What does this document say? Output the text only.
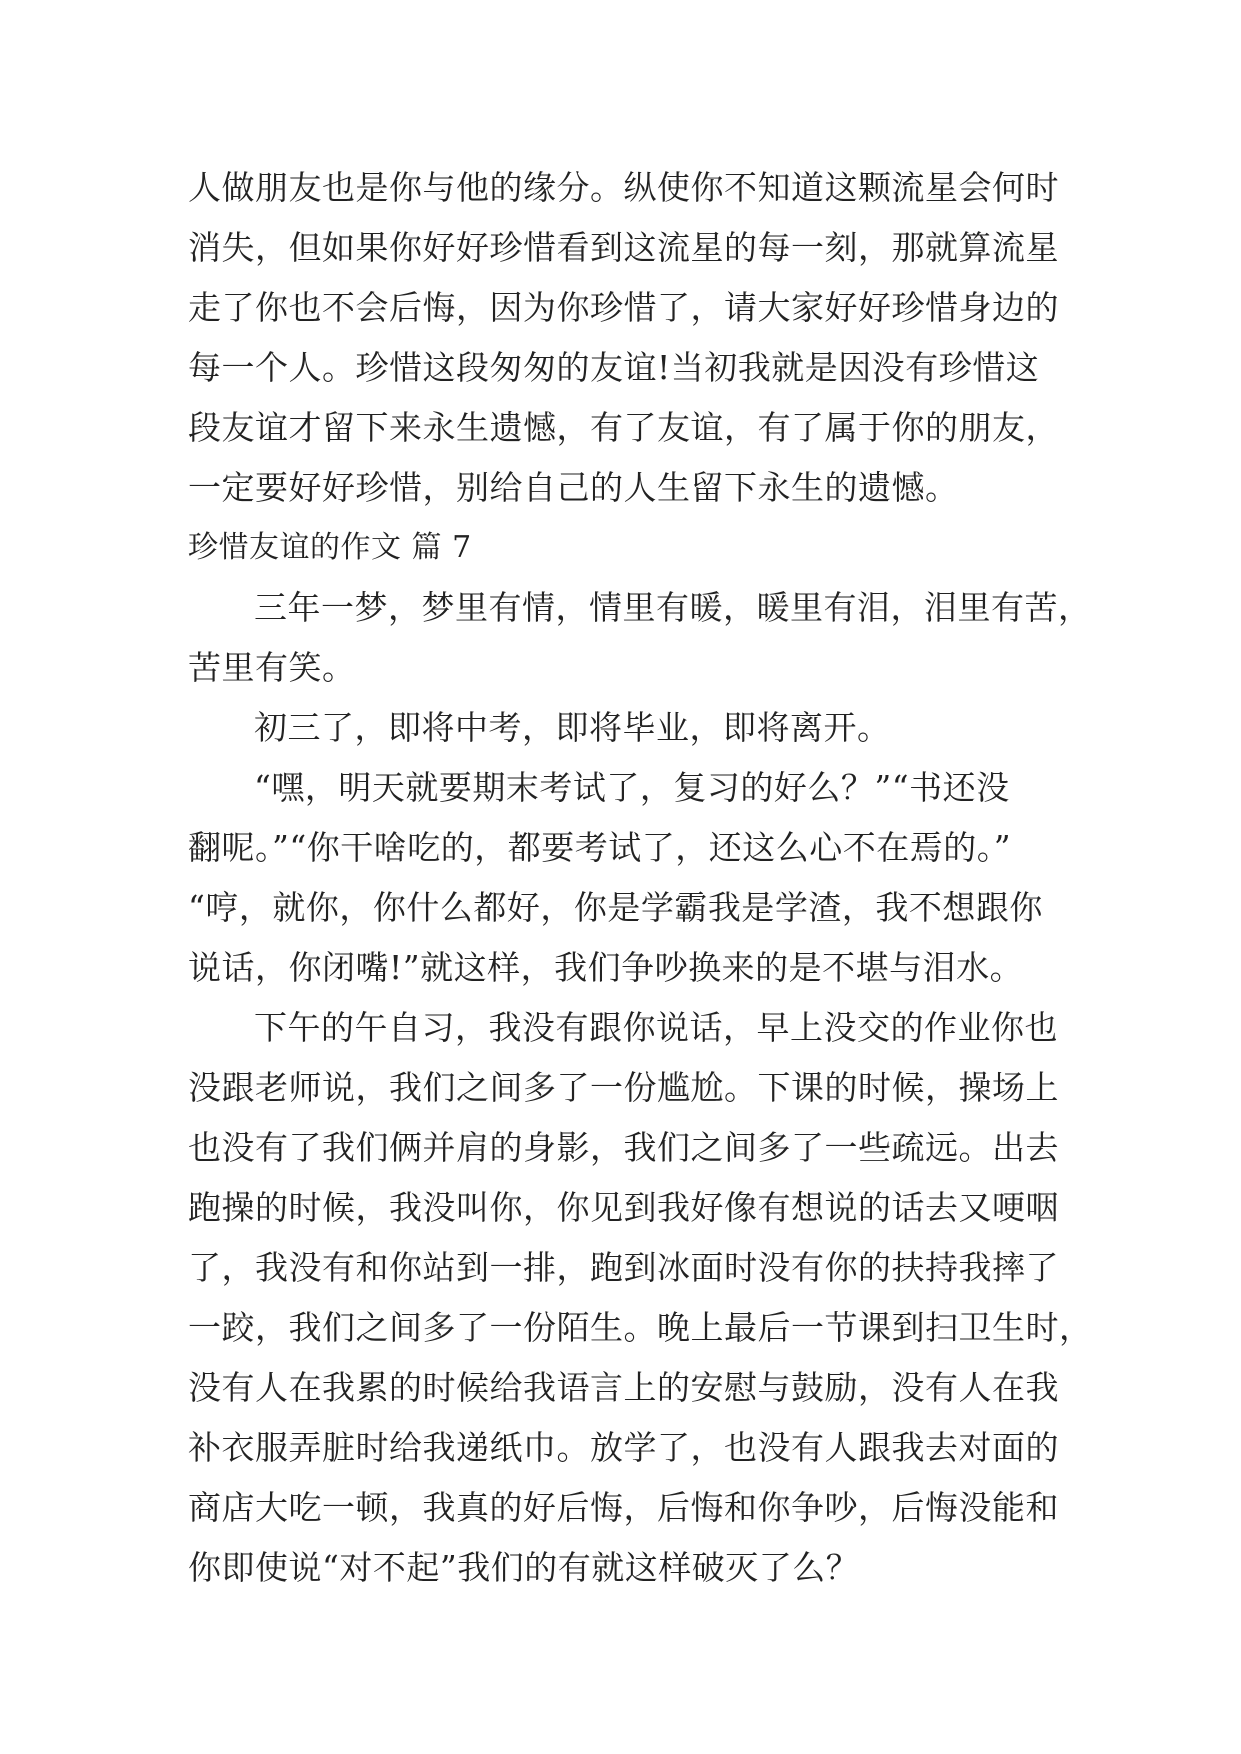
人做朋友也是你与他的缘分。纵使你不知道这颗流星会何时
消失，但如果你好好珍惜看到这流星的每一刻，那就算流星
走了你也不会后悔，因为你珍惜了，请大家好好珍惜身边的
每一个人。珍惜这段匆匆的友谊!当初我就是因没有珍惜这
段友谊才留下来永生遗憾，有了友谊，有了属于你的朋友，
一定要好好珍惜，别给自己的人生留下永生的遗憾。
珍惜友谊的作文 篇 7
三年一梦，梦里有情，情里有暖，暖里有泪，泪里有苦，
苦里有笑。
初三了，即将中考，即将毕业，即将离开。
“嘿，明天就要期末考试了，复习的好么？”“书还没
翻呢。”“你干啥吃的，都要考试了，还这么心不在焉的。”
“哼，就你，你什么都好，你是学霸我是学渣，我不想跟你
说话，你闭嘴!”就这样，我们争吵换来的是不堪与泪水。
下午的午自习，我没有跟你说话，早上没交的作业你也
没跟老师说，我们之间多了一份尴尬。下课的时候，操场上
也没有了我们俩并肩的身影，我们之间多了一些疏远。出去
跑操的时候，我没叫你，你见到我好像有想说的话去又哽咽
了，我没有和你站到一排，跑到冰面时没有你的扶持我摔了
一跤，我们之间多了一份陌生。晚上最后一节课到扫卫生时，
没有人在我累的时候给我语言上的安慰与鼓励，没有人在我
补衣服弄脏时给我递纸巾。放学了，也没有人跟我去对面的
商店大吃一顿，我真的好后悔，后悔和你争吵，后悔没能和
你即使说“对不起”我们的有就这样破灭了么？
